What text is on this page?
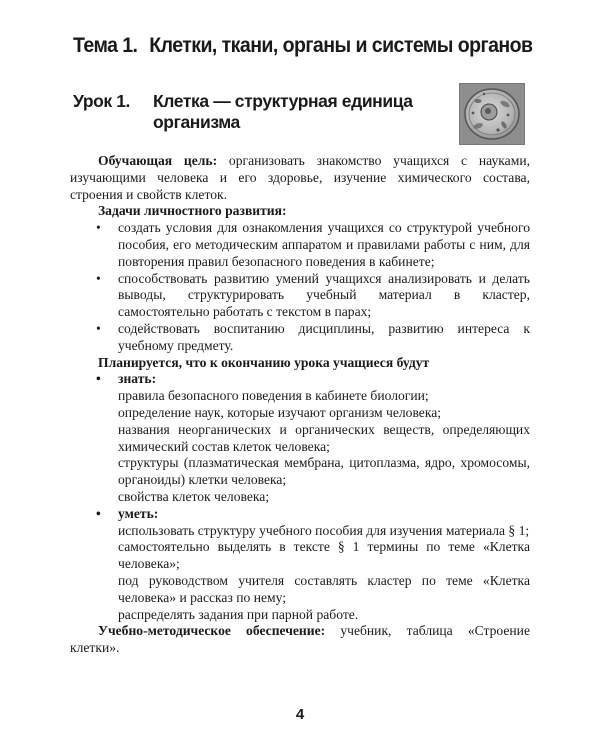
Тема 1. Клетки, ткани, органы и системы органов
Урок 1. Клетка — структурная единица организма

Обучающая цель: организовать знакомство учащихся с науками, изучающими человека и его здоровье, изучение химического состава, строения и свойств клеток.

Задачи личностного развития:

• создать условия для ознакомления учащихся со структурой учебного пособия, его методическим аппаратом и правилами работы с ним, для повторения правил безопасного поведения в кабинете;

• способствовать развитию умений учащихся анализировать и делать выводы, структурировать учебный материал в кластер, самостоятельно работать с текстом в парах;

• содействовать воспитанию дисциплины, развитию интереса к учебному предмету.

Планируется, что к окончанию урока учащиеся будут

• знать:

правила безопасного поведения в кабинете биологии;

определение наук, которые изучают организм человека;

названия неорганических и органических веществ, определяющих химический состав клеток человека;

структуры (плазматическая мембрана, цитоплазма, ядро, хромосомы, органоиды) клетки человека;

свойства клеток человека;

• уметь:

использовать структуру учебного пособия для изучения материала § 1;

самостоятельно выделять в тексте § 1 термины по теме «Клетка человека»;

под руководством учителя составлять кластер по теме «Клетка человека» и рассказ по нему;

распределять задания при парной работе.

Учебно-методическое обеспечение: учебник, таблица «Строение клетки».

4
